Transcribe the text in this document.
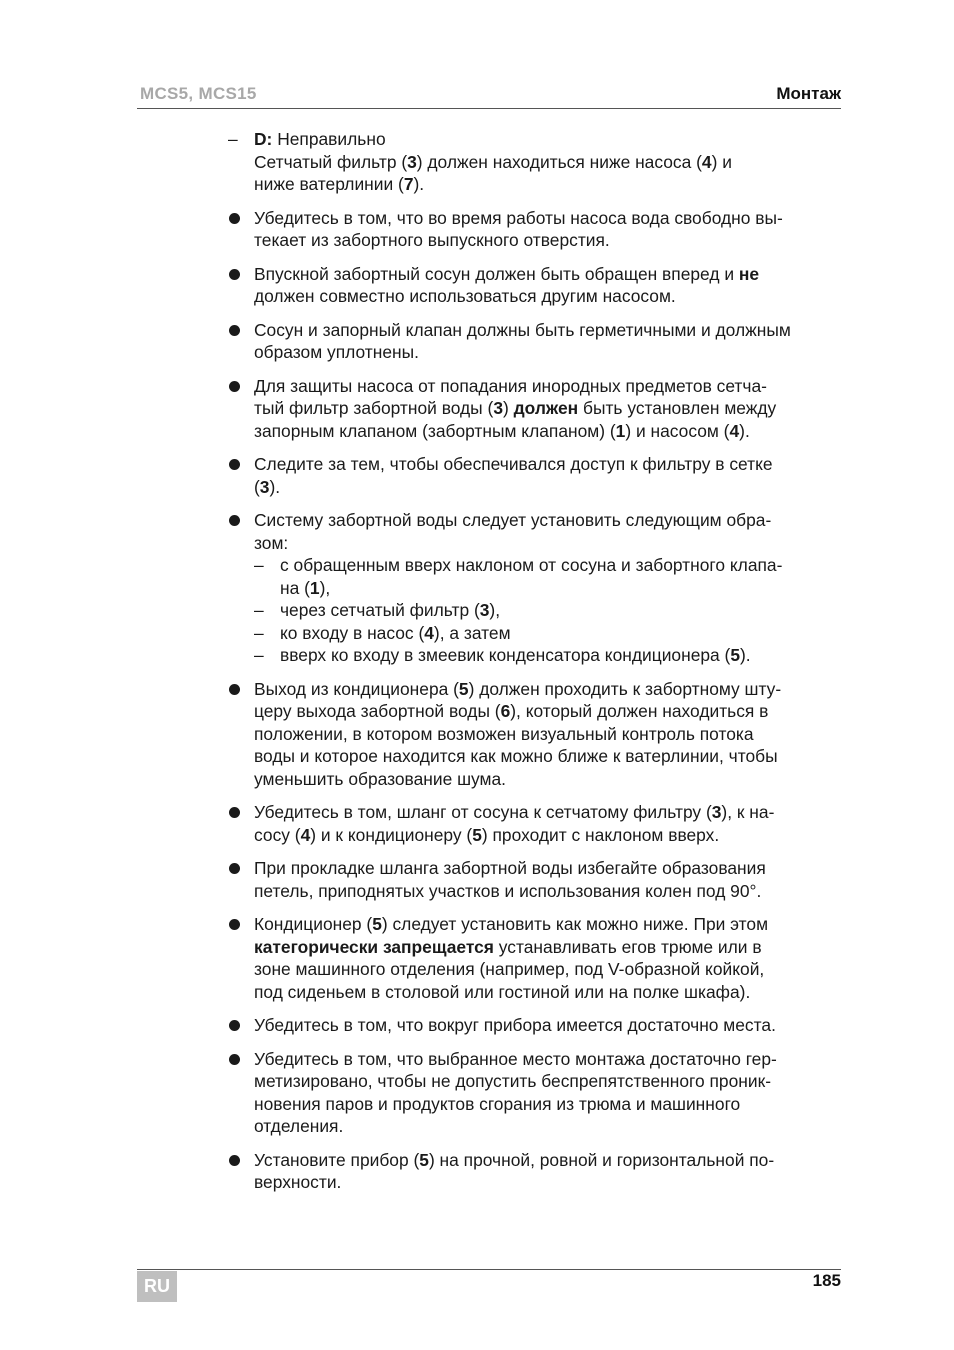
MCS5, MCS15	Монтаж
– D: Неправильно
Сетчатый фильтр (3) должен находиться ниже насоса (4) и
ниже ватерлинии (7).
Убедитесь в том, что во время работы насоса вода свободно вы-
текает из забортного выпускного отверстия.
Впускной забортный сосун должен быть обращен вперед и не
должен совместно использоваться другим насосом.
Сосун и запорный клапан должны быть герметичными и должным
образом уплотнены.
Для защиты насоса от попадания инородных предметов сетча-
тый фильтр забортной воды (3) должен быть установлен между
запорным клапаном (забортным клапаном) (1) и насосом (4).
Следите за тем, чтобы обеспечивался доступ к фильтру в сетке
(3).
Систему забортной воды следует установить следующим обра-
зом:
– с обращенным вверх наклоном от сосуна и забортного клапа-
на (1),
– через сетчатый фильтр (3),
– ко входу в насос (4), а затем
– вверх ко входу в змеевик конденсатора кондиционера (5).
Выход из кондиционера (5) должен проходить к забортному шту-
церу выхода забортной воды (6), который должен находиться в
положении, в котором возможен визуальный контроль потока
воды и которое находится как можно ближе к ватерлинии, чтобы
уменьшить образование шума.
Убедитесь в том, шланг от сосуна к сетчатому фильтру (3), к на-
сосу (4) и к кондиционеру (5) проходит с наклоном вверх.
При прокладке шланга забортной воды избегайте образования
петель, приподнятых участков и использования колен под 90°.
Кондиционер (5) следует установить как можно ниже. При этом
категорически запрещается устанавливать егов трюме или в
зоне машинного отделения (например, под V-образной койкой,
под сиденьем в столовой или гостиной или на полке шкафа).
Убедитесь в том, что вокруг прибора имеется достаточно места.
Убедитесь в том, что выбранное место монтажа достаточно гер-
метизировано, чтобы не допустить беспрепятственного проник-
новения паров и продуктов сгорания из трюма и машинного
отделения.
Установите прибор (5) на прочной, ровной и горизонтальной по-
верхности.
RU	185
